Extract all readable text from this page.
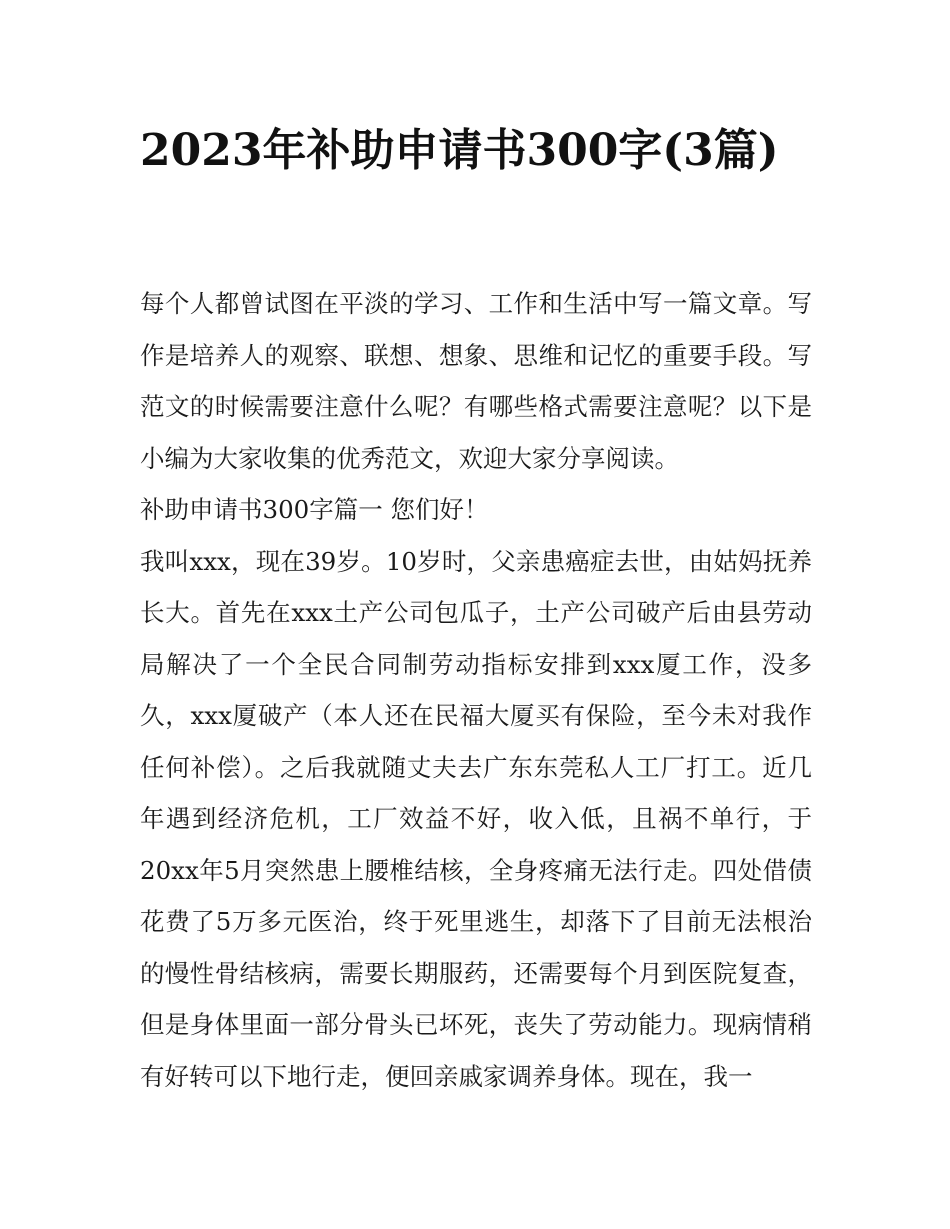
2023年补助申请书300字(3篇)

每个人都曾试图在平淡的学习、工作和生活中写一篇文章。写作是培养人的观察、联想、想象、思维和记忆的重要手段。写范文的时候需要注意什么呢？有哪些格式需要注意呢？以下是小编为大家收集的优秀范文，欢迎大家分享阅读。

补助申请书300字篇一 您们好！

我叫xxx，现在39岁。10岁时，父亲患癌症去世，由姑妈抚养长大。首先在xxx土产公司包瓜子，土产公司破产后由县劳动局解决了一个全民合同制劳动指标安排到xxx厦工作，没多久，xxx厦破产（本人还在民福大厦买有保险，至今未对我作任何补偿）。之后我就随丈夫去广东东莞私人工厂打工。近几年遇到经济危机，工厂效益不好，收入低，且祸不单行，于20xx年5月突然患上腰椎结核，全身疼痛无法行走。四处借债花费了5万多元医治，终于死里逃生，却落下了目前无法根治的慢性骨结核病，需要长期服药，还需要每个月到医院复查，但是身体里面一部分骨头已坏死，丧失了劳动能力。现病情稍有好转可以下地行走，便回亲戚家调养身体。现在，我一
